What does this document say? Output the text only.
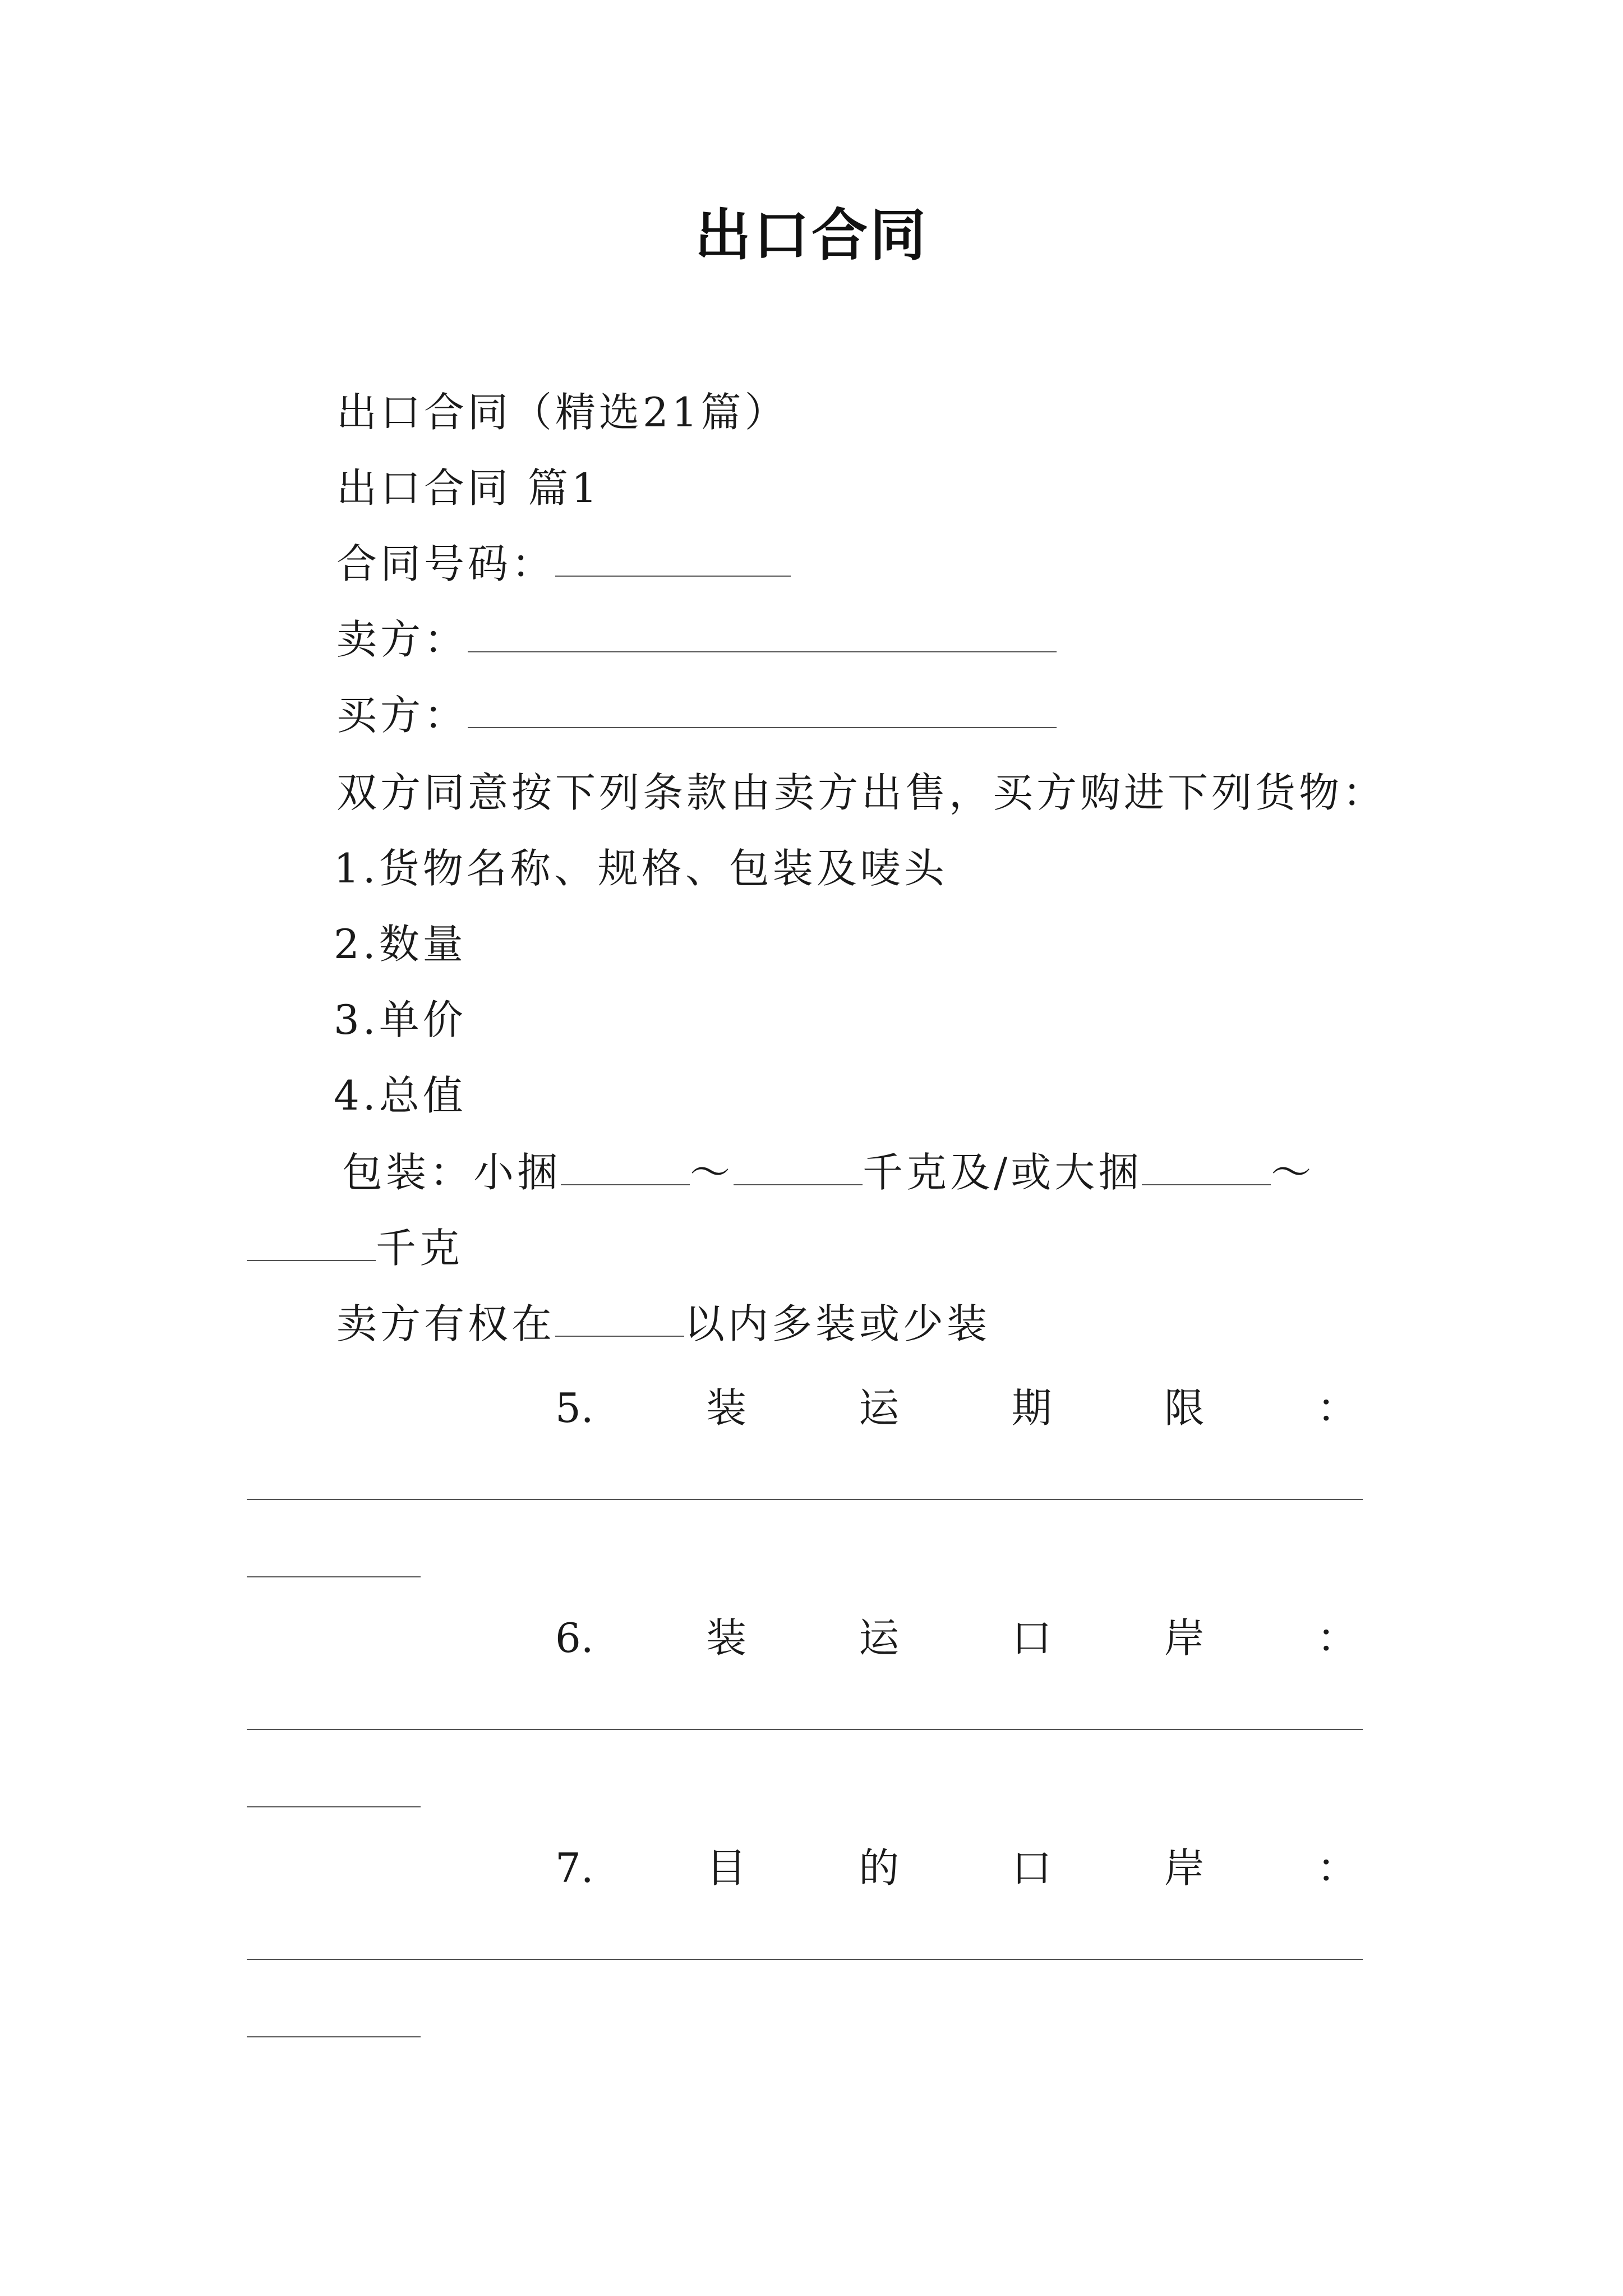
出口合同
出口合同（精选21篇）
出口合同 篇1
合同号码：
卖方：
买方：
双方同意按下列条款由卖方出售，买方购进下列货物：
1.货物名称、规格、包装及唛头
2.数量
3.单价
4.总值
包装：小捆	～	千克及/或大捆	～
千克
卖方有权在	以内多装或少装
5.	装	运	期	限	：
6.	装	运	口	岸	：
7.	目	的	口	岸	：
